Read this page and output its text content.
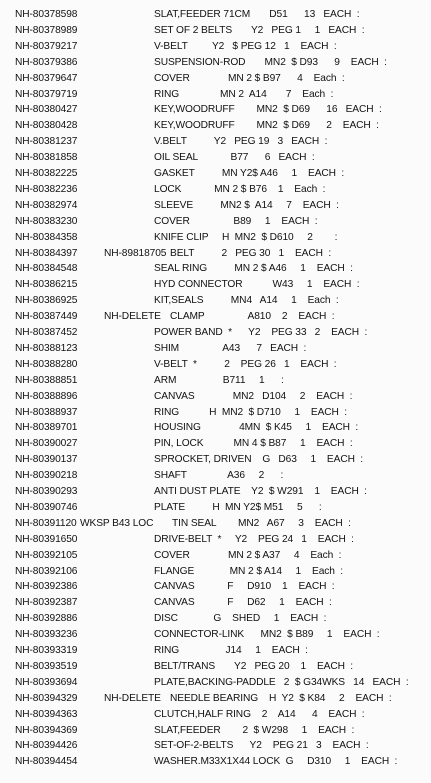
NH-80378598	SLAT,FEEDER 71CM       D51      13   EACH  :
NH-80378989	SET OF 2 BELTS       Y2   PEG 1     1   EACH  :
NH-80379217	V-BELT         Y2   $ PEG 12   1    EACH  :
NH-80379386	SUSPENSION-ROD       MN2  $ D93      9    EACH  :
NH-80379647	COVER              MN 2 $ B97      4    Each  :
NH-80379719	RING               MN 2  A14       7    Each  :
NH-80380427	KEY,WOODRUFF        MN2  $ D69      16   EACH  :
NH-80380428	KEY,WOODRUFF        MN2  $ D69      2    EACH  :
NH-80381237	V.BELT          Y2   PEG 19   3   EACH  :
NH-80381858	OIL SEAL            B77      6   EACH  :
NH-80382225	GASKET          MN Y2$ A46     1    EACH  :
NH-80382236	LOCK            MN 2 $ B76    1    Each  :
NH-80382974	SLEEVE          MN2 $  A14     7    EACH  :
NH-80383230	COVER                B89     1    EACH  :
NH-80384358	KNIFE CLIP     H  MN2  $ D610     2        :
NH-80384397	NH-89818705 BELT          2   PEG 30   1    EACH  :
NH-80384548	SEAL RING          MN 2 $ A46     1    EACH  :
NH-80386215	HYD CONNECTOR           W43     1    EACH  :
NH-80386925	KIT,SEALS          MN4   A14     1    Each  :
NH-80387449	NH-DELETE CLAMP                A810    2    EACH  :
NH-80387452	POWER BAND  *      Y2    PEG 33   2    EACH  :
NH-80388123	SHIM                A43      7   EACH  :
NH-80388280	V-BELT  *          2    PEG 26   1    EACH  :
NH-80388851	ARM                 B711     1      :
NH-80388896	CANVAS              MN2   D104     2    EACH  :
NH-80388937	RING           H  MN2  $ D710     1    EACH  :
NH-80389701	HOUSING              4MN  $ K45     1    EACH  :
NH-80390027	PIN, LOCK           MN 4 $ B87     1    EACH  :
NH-80390137	SPROCKET, DRIVEN    G   D63     1    EACH  :
NH-80390218	SHAFT               A36     2      :
NH-80390293	ANTI DUST PLATE    Y2  $ W291    1    EACH  :
NH-80390746	PLATE          H  MN Y2$ M51     5      :
NH-80391120 WKSP B43 LOC TIN SEAL        MN2   A67     3    EACH  :
NH-80391650	DRIVE-BELT  *     Y2    PEG 24   1    EACH  :
NH-80392105	COVER              MN 2 $ A37     4    Each  :
NH-80392106	FLANGE             MN 2 $ A14     1    Each  :
NH-80392386	CANVAS            F     D910    1    EACH  :
NH-80392387	CANVAS            F     D62     1    EACH  :
NH-80392886	DISC             G    SHED     1    EACH  :
NH-80393236	CONNECTOR-LINK      MN2  $ B89     1    EACH  :
NH-80393319	RING                 J14     1    EACH  :
NH-80393519	BELT/TRANS       Y2   PEG 20    1    EACH  :
NH-80393694	PLATE,BACKING-PADDLE   2  $ G34WKS   14   EACH  :
NH-80394329	NH-DELETE NEEDLE BEARING    H  Y2  $ K84     2    EACH  :
NH-80394363	CLUTCH,HALF RING    2    A14      4    EACH  :
NH-80394369	SLAT,FEEDER        2  $ W298     1    EACH  :
NH-80394426	SET-OF-2-BELTS      Y2    PEG 21   3    EACH  :
NH-80394454	WASHER.M33X1X44 LOCK  G     D310     1    EACH  :
